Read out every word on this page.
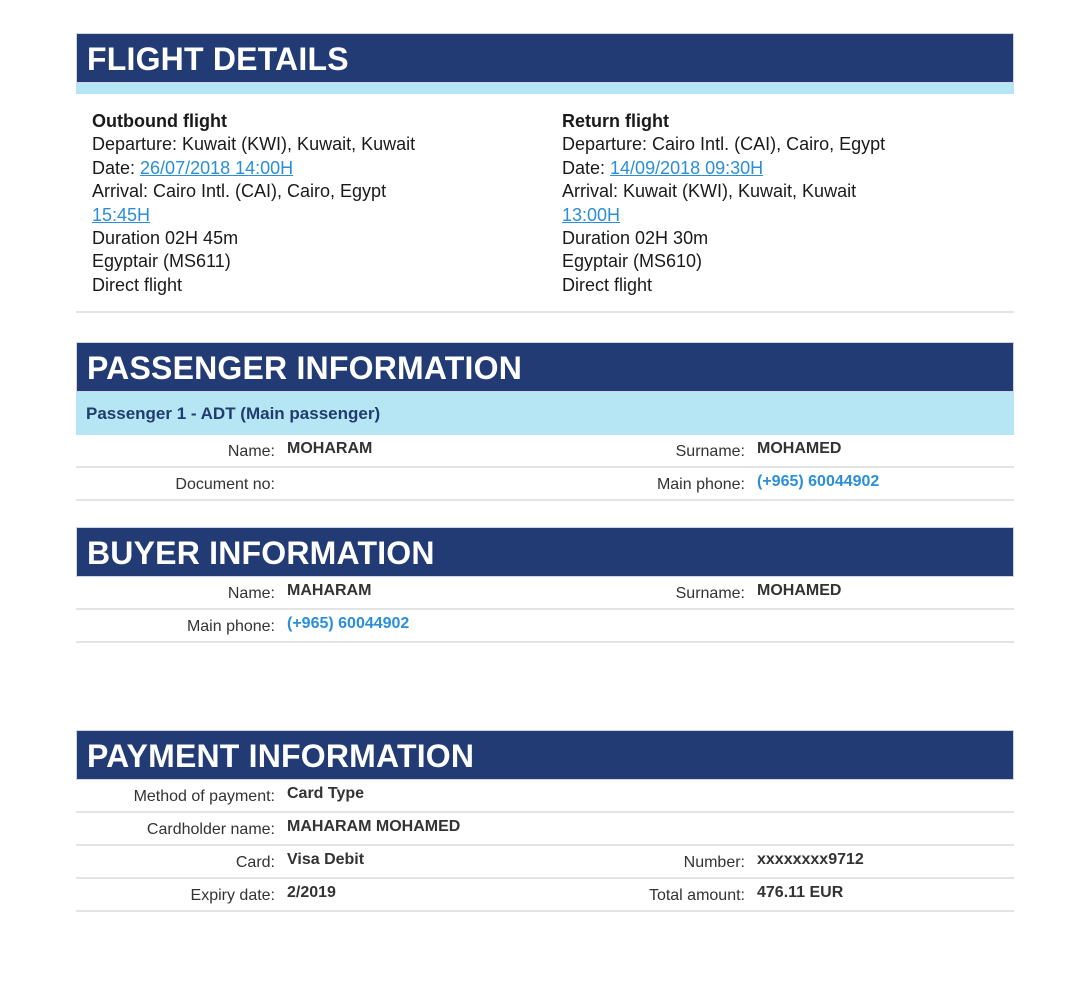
FLIGHT DETAILS
Outbound flight
Departure: Kuwait (KWI), Kuwait, Kuwait
Date: 26/07/2018 14:00H
Arrival: Cairo Intl. (CAI), Cairo, Egypt
15:45H
Duration 02H 45m
Egyptair (MS611)
Direct flight
Return flight
Departure: Cairo Intl. (CAI), Cairo, Egypt
Date: 14/09/2018 09:30H
Arrival: Kuwait (KWI), Kuwait, Kuwait
13:00H
Duration 02H 30m
Egyptair (MS610)
Direct flight
PASSENGER INFORMATION
Passenger 1 - ADT (Main passenger)
Name: MOHARAM	Surname: MOHAMED
Document no:	Main phone: (+965) 60044902
BUYER INFORMATION
Name: MAHARAM	Surname: MOHAMED
Main phone: (+965) 60044902
PAYMENT INFORMATION
Method of payment: Card Type
Cardholder name: MAHARAM MOHAMED
Card: Visa Debit	Number: xxxxxxxx9712
Expiry date: 2/2019	Total amount: 476.11 EUR
